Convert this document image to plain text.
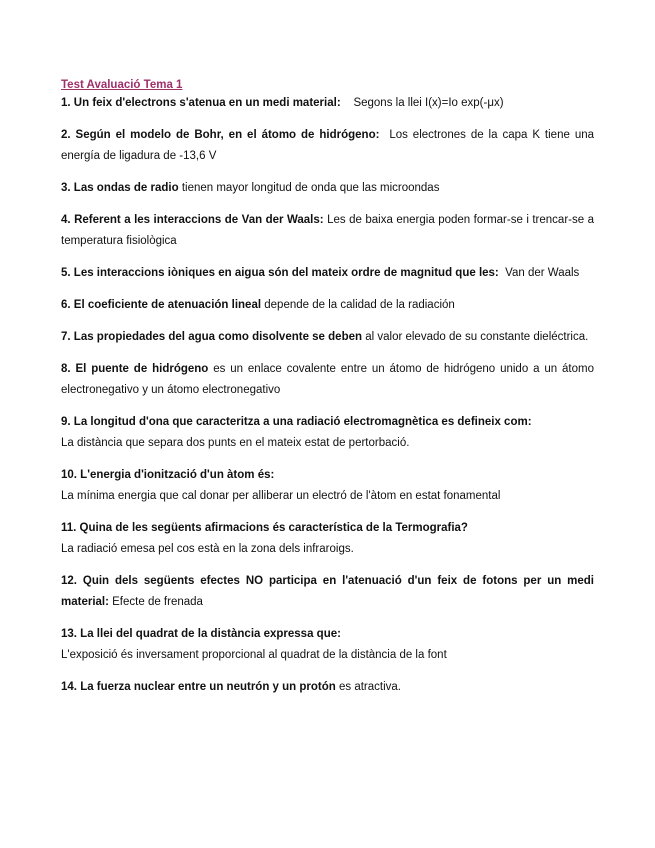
Test Avaluació Tema 1

1. Un feix d'electrons s'atenua en un medi material: Segons la llei I(x)=Io exp(-μx)

2. Según el modelo de Bohr, en el átomo de hidrógeno: Los electrones de la capa K tiene una energía de ligadura de -13,6 V

3. Las ondas de radio tienen mayor longitud de onda que las microondas

4. Referent a les interaccions de Van der Waals: Les de baixa energia poden formar-se i trencar-se a temperatura fisiològica

5. Les interaccions iòniques en aigua són del mateix ordre de magnitud que les: Van der Waals

6. El coeficiente de atenuación lineal depende de la calidad de la radiación

7. Las propiedades del agua como disolvente se deben al valor elevado de su constante dieléctrica.

8. El puente de hidrógeno es un enlace covalente entre un átomo de hidrógeno unido a un átomo electronegativo y un átomo electronegativo

9. La longitud d'ona que caracteritza a una radiació electromagnètica es defineix com:
La distància que separa dos punts en el mateix estat de pertorbació.

10. L'energia d'ionització d'un àtom és:
La mínima energia que cal donar per alliberar un electró de l'àtom en estat fonamental

11. Quina de les següents afirmacions és característica de la Termografia?
La radiació emesa pel cos està en la zona dels infraroigs.

12. Quin dels següents efectes NO participa en l'atenuació d'un feix de fotons per un medi material: Efecte de frenada

13. La llei del quadrat de la distància expressa que:
L'exposició és inversament proporcional al quadrat de la distància de la font

14. La fuerza nuclear entre un neutrón y un protón es atractiva.
